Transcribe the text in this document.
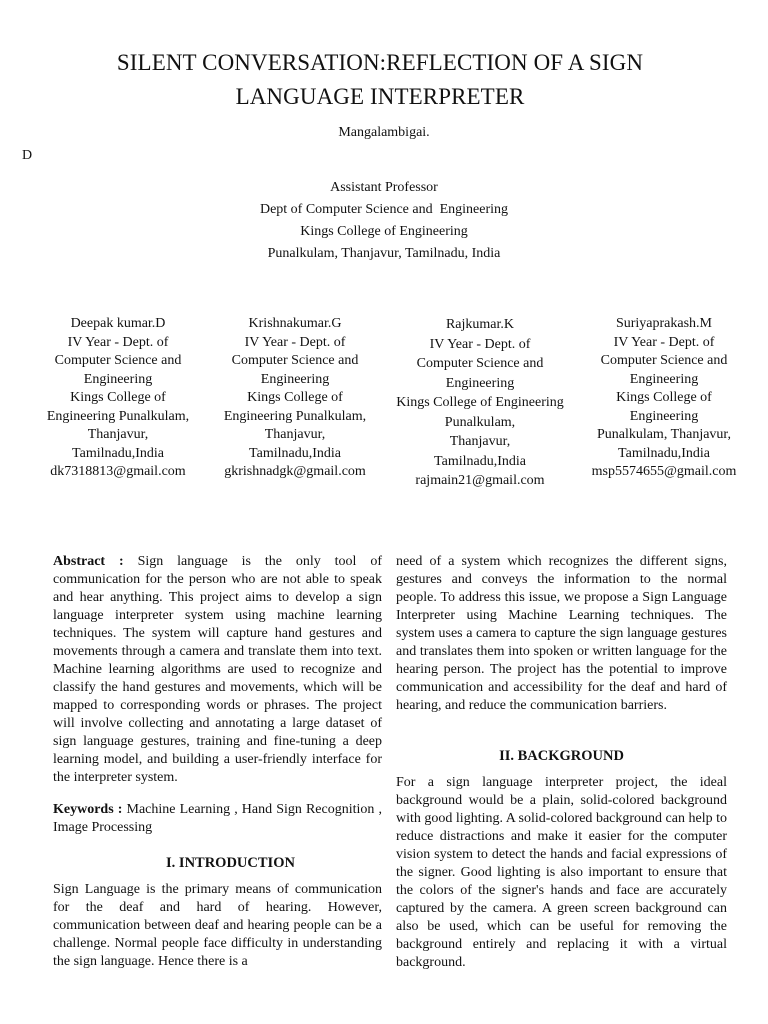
SILENT CONVERSATION:REFLECTION OF A SIGN
LANGUAGE INTERPRETER
Mangalambigai.
D
Assistant Professor
Dept of Computer Science and  Engineering
Kings College of Engineering
Punalkulam, Thanjavur, Tamilnadu, India
Deepak kumar.D
IV Year - Dept. of
Computer Science and
Engineering
Kings College of
Engineering Punalkulam,
Thanjavur,
Tamilnadu,India
dk7318813@gmail.com
Krishnakumar.G
IV Year - Dept. of
Computer Science and
Engineering
Kings College of
Engineering Punalkulam,
Thanjavur,
Tamilnadu,India
gkrishnadgk@gmail.com
Rajkumar.K
IV Year - Dept. of
Computer Science and
Engineering
Kings College of Engineering
Punalkulam,
Thanjavur,
Tamilnadu,India
rajmain21@gmail.com
Suriyaprakash.M
IV Year - Dept. of
Computer Science and
Engineering
Kings College of
Engineering
Punalkulam, Thanjavur,
Tamilnadu,India
msp5574655@gmail.com

Abstract : Sign language is the only tool of communication for the person who are not able to speak and hear anything. This project aims to develop a sign language interpreter system using machine learning techniques. The system will capture hand gestures and movements through a camera and translate them into text. Machine learning algorithms are used to recognize and classify the hand gestures and movements, which will be mapped to corresponding words or phrases. The project will involve collecting and annotating a large dataset of sign language gestures, training and fine-tuning a deep learning model, and building a user-friendly interface for the interpreter system.

Keywords : Machine Learning , Hand Sign Recognition , Image Processing

I. INTRODUCTION

Sign Language is the primary means of communication for the deaf and hard of hearing. However, communication between deaf and hearing people can be a challenge. Normal people face difficulty in understanding the sign language. Hence there is a

need of a system which recognizes the different signs, gestures and conveys the information to the normal people. To address this issue, we propose a Sign Language Interpreter using Machine Learning techniques. The system uses a camera to capture the sign language gestures and translates them into spoken or written language for the hearing person. The project has the potential to improve communication and accessibility for the deaf and hard of hearing, and reduce the communication barriers.

II. BACKGROUND

For a sign language interpreter project, the ideal background would be a plain, solid-colored background with good lighting. A solid-colored background can help to reduce distractions and make it easier for the computer vision system to detect the hands and facial expressions of the signer. Good lighting is also important to ensure that the colors of the signer's hands and face are accurately captured by the camera. A green screen background can also be used, which can be useful for removing the background entirely and replacing it with a virtual background.
